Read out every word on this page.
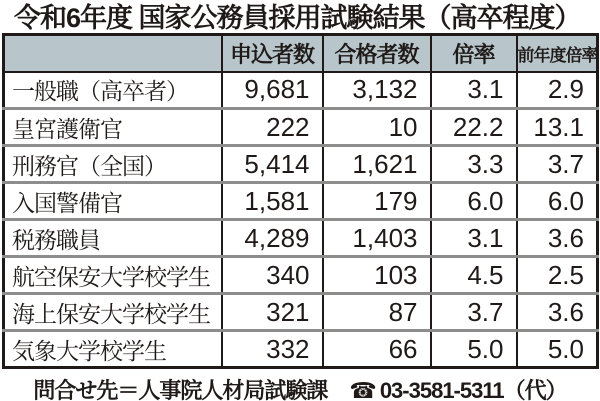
令和6年度 国家公務員採用試験結果（高卒程度）
	申込者数	合格者数	倍率	前年度倍率
一般職（高卒者）	9,681	3,132	3.1	2.9
皇宮護衛官	222	10	22.2	13.1
刑務官（全国）	5,414	1,621	3.3	3.7
入国警備官	1,581	179	6.0	6.0
税務職員	4,289	1,403	3.1	3.6
航空保安大学校学生	340	103	4.5	2.5
海上保安大学校学生	321	87	3.7	3.6
気象大学校学生	332	66	5.0	5.0
問合せ先＝人事院人材局試験課 ☎ 03-3581-5311（代）
